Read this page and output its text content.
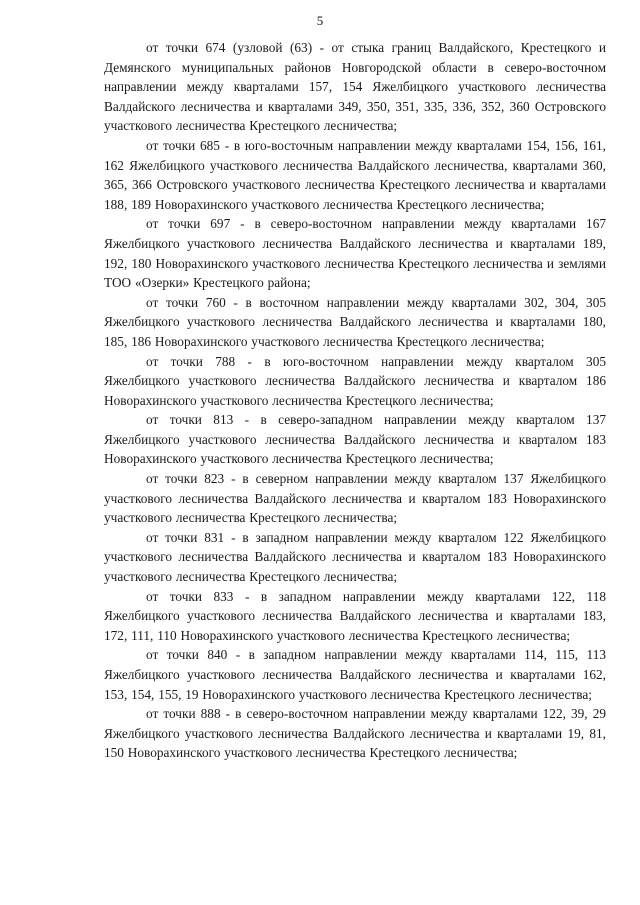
5

от точки 674 (узловой (63) - от стыка границ Валдайского, Крестецкого и Демянского муниципальных районов Новгородской области в северо-восточном направлении между кварталами 157, 154 Яжелбицкого участкового лесничества Валдайского лесничества и кварталами 349, 350, 351, 335, 336, 352, 360 Островского участкового лесничества Крестецкого лесничества;

от точки 685 - в юго-восточным направлении между кварталами 154, 156, 161, 162 Яжелбицкого участкового лесничества Валдайского лесничества, кварталами 360, 365, 366 Островского участкового лесничества Крестецкого лесничества и кварталами 188, 189 Новорахинского участкового лесничества Крестецкого лесничества;

от точки 697 - в северо-восточном направлении между кварталами 167 Яжелбицкого участкового лесничества Валдайского лесничества и кварталами 189, 192, 180 Новорахинского участкового лесничества Крестецкого лесничества и землями ТОО «Озерки» Крестецкого района;

от точки 760 - в восточном направлении между кварталами 302, 304, 305 Яжелбицкого участкового лесничества Валдайского лесничества и кварталами 180, 185, 186 Новорахинского участкового лесничества Крестецкого лесничества;

от точки 788 - в юго-восточном направлении между кварталом 305 Яжелбицкого участкового лесничества Валдайского лесничества и кварталом 186 Новорахинского участкового лесничества Крестецкого лесничества;

от точки 813 - в северо-западном направлении между кварталом 137 Яжелбицкого участкового лесничества Валдайского лесничества и кварталом 183 Новорахинского участкового лесничества Крестецкого лесничества;

от точки 823 - в северном направлении между кварталом 137 Яжелбицкого участкового лесничества Валдайского лесничества и кварталом 183 Новорахинского участкового лесничества Крестецкого лесничества;

от точки 831 - в западном направлении между кварталом 122 Яжелбицкого участкового лесничества Валдайского лесничества и кварталом 183 Новорахинского участкового лесничества Крестецкого лесничества;

от точки 833 - в западном направлении между кварталами 122, 118 Яжелбицкого участкового лесничества Валдайского лесничества и кварталами 183, 172, 111, 110 Новорахинского участкового лесничества Крестецкого лесничества;

от точки 840 - в западном направлении между кварталами 114, 115, 113 Яжелбицкого участкового лесничества Валдайского лесничества и кварталами 162, 153, 154, 155, 19 Новорахинского участкового лесничества Крестецкого лесничества;

от точки 888 - в северо-восточном направлении между кварталами 122, 39, 29 Яжелбицкого участкового лесничества Валдайского лесничества и кварталами 19, 81, 150 Новорахинского участкового лесничества Крестецкого лесничества;
